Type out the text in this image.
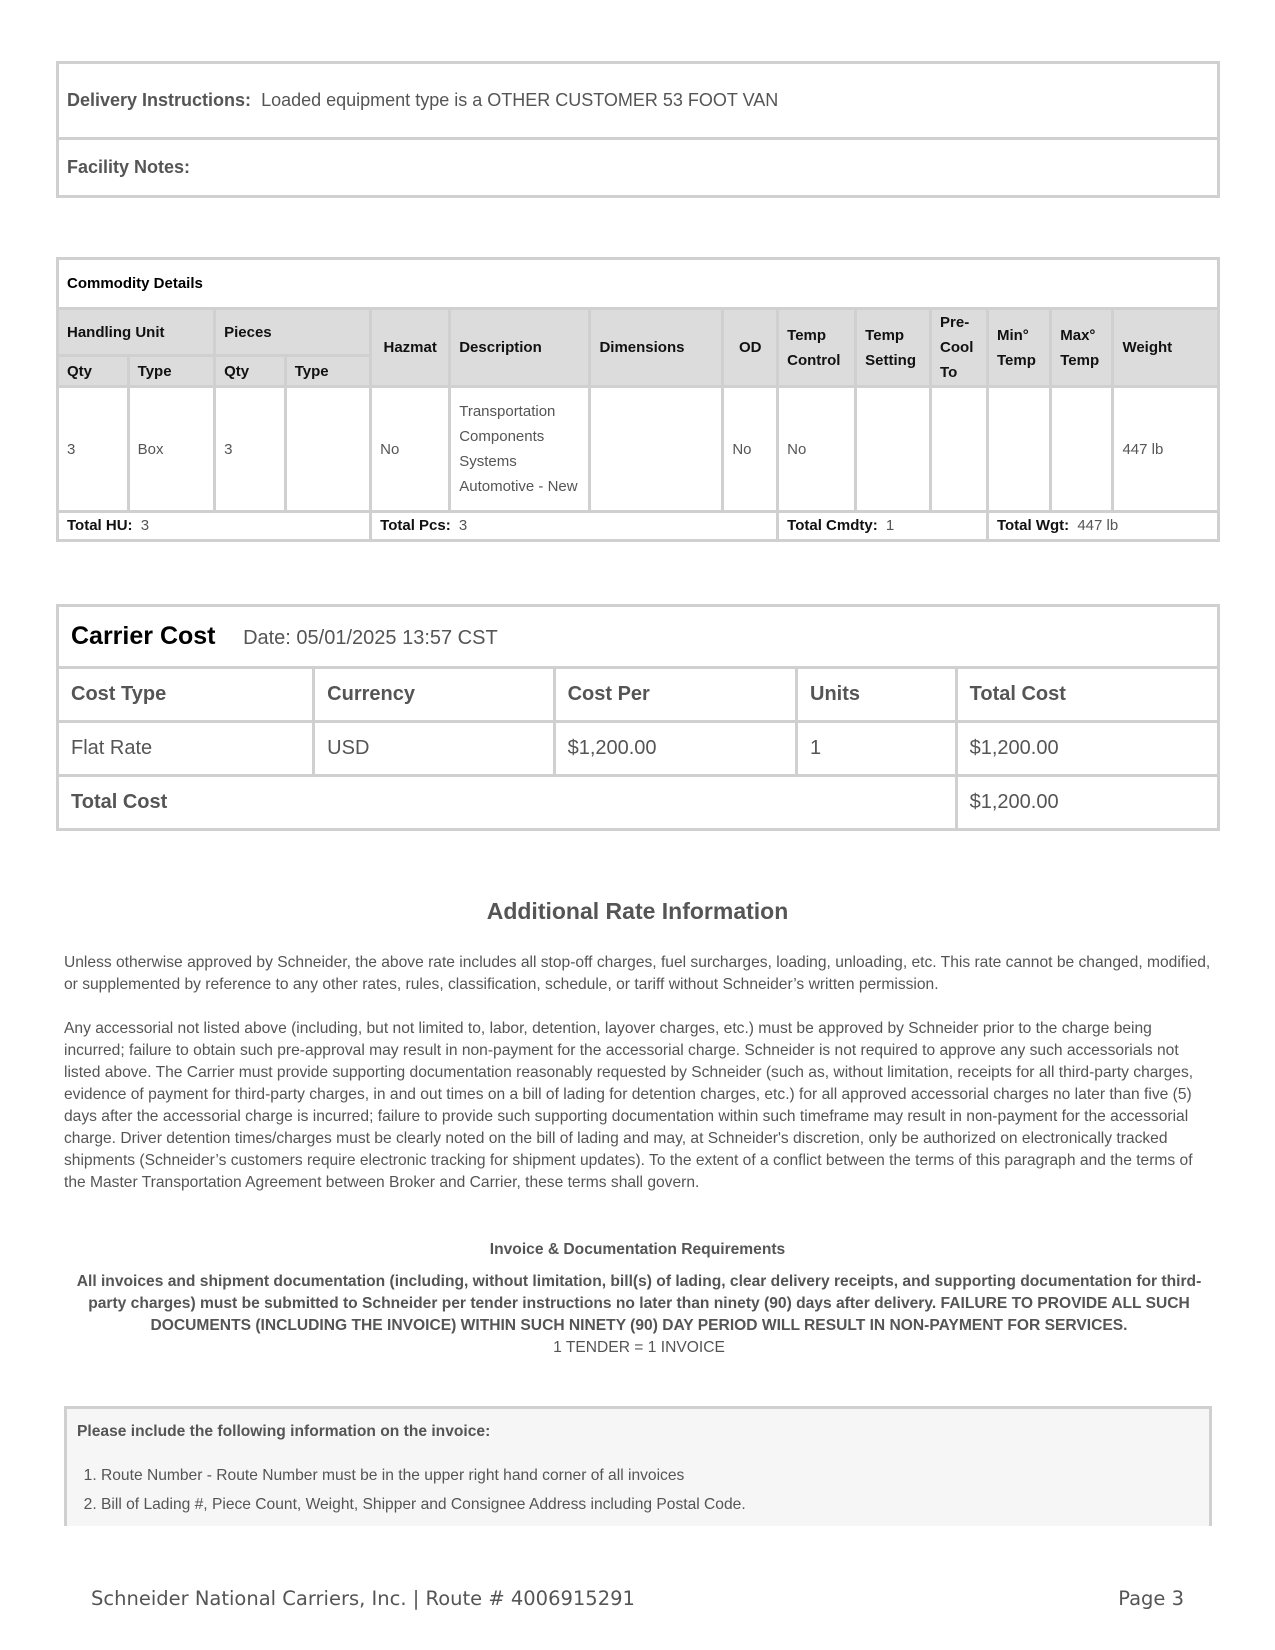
Delivery Instructions: Loaded equipment type is a OTHER CUSTOMER 53 FOOT VAN
Facility Notes:
Commodity Details													
Handling Unit		Pieces		Hazmat	Description	Dimensions	OD	Temp Control	Temp Setting	Pre-Cool To	Min° Temp	Max° Temp	Weight
Qty	Type	Qty	Type										
3	Box	3		No	Transportation Components Systems Automotive - New		No	No					447 lb
Total HU: 3				Total Pcs: 3				Total Cmdty: 1			Total Wgt: 447 lb		
Carrier Cost Date: 05/01/2025 13:57 CST				
Cost Type	Currency	Cost Per	Units	Total Cost
Flat Rate	USD	$1,200.00	1	$1,200.00
Total Cost				$1,200.00
Additional Rate Information

Unless otherwise approved by Schneider, the above rate includes all stop-off charges, fuel surcharges, loading, unloading, etc. This rate cannot be changed, modified, or supplemented by reference to any other rates, rules, classification, schedule, or tariff without Schneider’s written permission.

Any accessorial not listed above (including, but not limited to, labor, detention, layover charges, etc.) must be approved by Schneider prior to the charge being incurred; failure to obtain such pre-approval may result in non-payment for the accessorial charge. Schneider is not required to approve any such accessorials not listed above. The Carrier must provide supporting documentation reasonably requested by Schneider (such as, without limitation, receipts for all third-party charges, evidence of payment for third-party charges, in and out times on a bill of lading for detention charges, etc.) for all approved accessorial charges no later than five (5) days after the accessorial charge is incurred; failure to provide such supporting documentation within such timeframe may result in non-payment for the accessorial charge. Driver detention times/charges must be clearly noted on the bill of lading and may, at Schneider's discretion, only be authorized on electronically tracked shipments (Schneider’s customers require electronic tracking for shipment updates). To the extent of a conflict between the terms of this paragraph and the terms of the Master Transportation Agreement between Broker and Carrier, these terms shall govern.

Invoice & Documentation Requirements
All invoices and shipment documentation (including, without limitation, bill(s) of lading, clear delivery receipts, and supporting documentation for third-party charges) must be submitted to Schneider per tender instructions no later than ninety (90) days after delivery. FAILURE TO PROVIDE ALL SUCH DOCUMENTS (INCLUDING THE INVOICE) WITHIN SUCH NINETY (90) DAY PERIOD WILL RESULT IN NON-PAYMENT FOR SERVICES.
1 TENDER = 1 INVOICE
Please include the following information on the invoice:
1. Route Number - Route Number must be in the upper right hand corner of all invoices
2. Bill of Lading #, Piece Count, Weight, Shipper and Consignee Address including Postal Code.
Schneider National Carriers, Inc. | Route # 4006915291	Page 3
